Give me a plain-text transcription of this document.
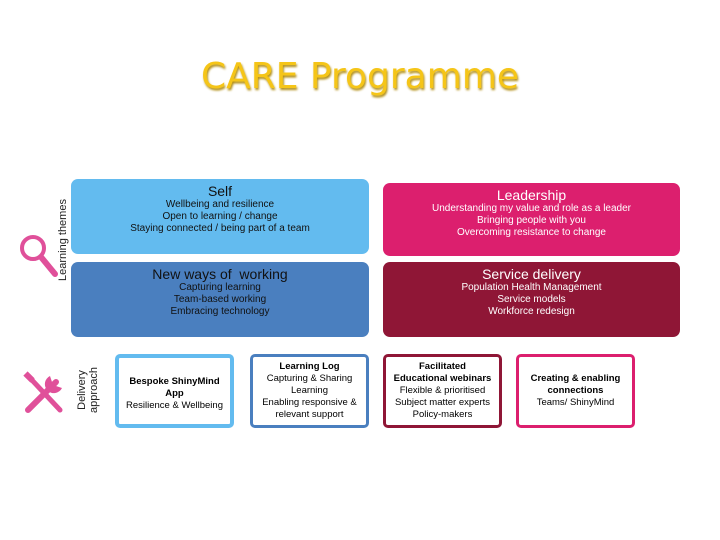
CARE Programme
Learning themes
Self
Wellbeing and resilience
Open to learning / change
Staying connected / being part of a team
Leadership
Understanding my value and role as a leader
Bringing people with you
Overcoming resistance to change
New ways of  working
Capturing learning
Team-based working
Embracing technology
Service delivery
Population Health Management
Service models
Workforce redesign
Delivery approach	Bespoke ShinyMind
App
Resilience & Wellbeing
Learning Log
Capturing & Sharing
Learning
Enabling responsive &
relevant support
Facilitated
Educational webinars
Flexible & prioritised
Subject matter experts
Policy-makers
Creating & enabling
connections
Teams/ ShinyMind
